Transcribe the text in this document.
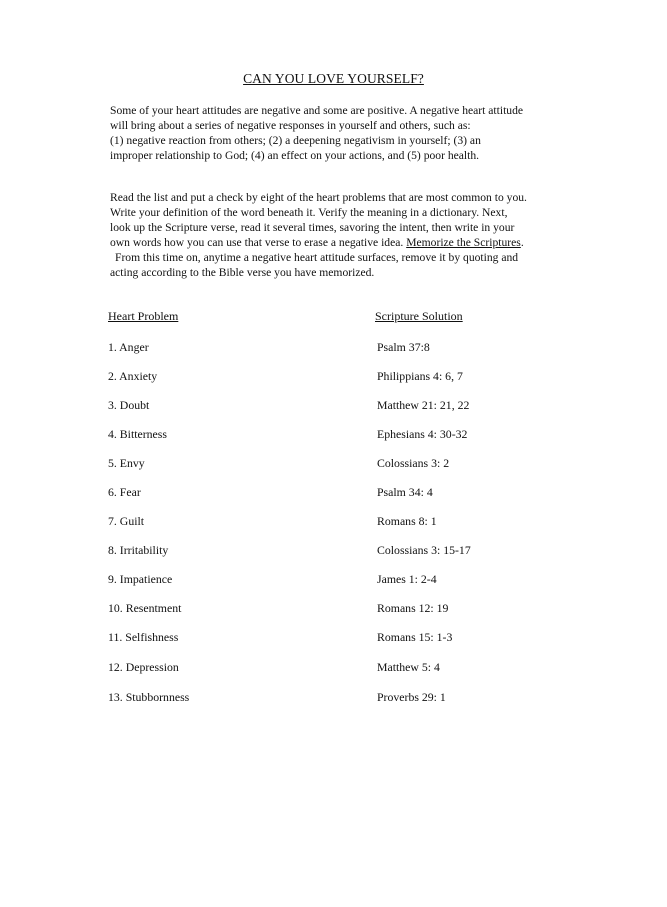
CAN YOU LOVE YOURSELF?
Some of your heart attitudes are negative and some are positive. A negative heart attitude
will bring about a series of negative responses in yourself and others, such as:
(1) negative reaction from others; (2) a deepening negativism in yourself; (3) an
improper relationship to God; (4) an effect on your actions, and (5) poor health.
Read the list and put a check by eight of the heart problems that are most common to you.
Write your definition of the word beneath it. Verify the meaning in a dictionary. Next,
look up the Scripture verse, read it several times, savoring the intent, then write in your
own words how you can use that verse to erase a negative idea. Memorize the Scriptures.
From this time on, anytime a negative heart attitude surfaces, remove it by quoting and
acting according to the Bible verse you have memorized.
Heart Problem	Scripture Solution
1. Anger	Psalm 37:8
2. Anxiety	Philippians 4: 6, 7
3. Doubt	Matthew 21: 21, 22
4. Bitterness	Ephesians 4: 30-32
5. Envy	Colossians 3: 2
6. Fear	Psalm 34: 4
7. Guilt	Romans 8: 1
8. Irritability	Colossians 3: 15-17
9. Impatience	James 1: 2-4
10. Resentment	Romans 12: 19
11. Selfishness	Romans 15: 1-3
12. Depression	Matthew 5: 4
13. Stubbornness	Proverbs 29: 1
